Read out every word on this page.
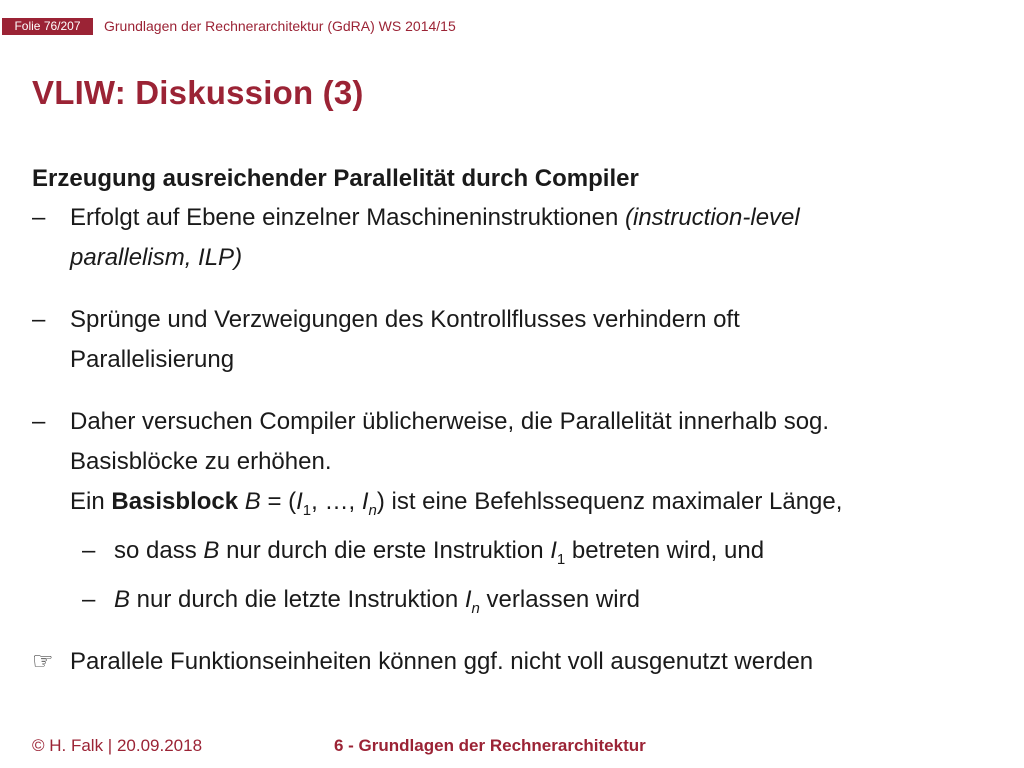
Folie 76/207	Grundlagen der Rechnerarchitektur (GdRA) WS 2014/15
VLIW: Diskussion (3)

Erzeugung ausreichender Parallelität durch Compiler

– Erfolgt auf Ebene einzelner Maschineninstruktionen (instruction-level
parallelism, ILP)
– Sprünge und Verzweigungen des Kontrollflusses verhindern oft
Parallelisierung
– Daher versuchen Compiler üblicherweise, die Parallelität innerhalb sog.
Basisblöcke zu erhöhen.
Ein Basisblock $B = (I_1$, …, $I_n$) ist eine Befehlssequenz maximaler Länge,
– so dass B nur durch die erste Instruktion $I_1$ betreten wird, und
– B nur durch die letzte Instruktion $I_n$ verlassen wird
☞ Parallele Funktionseinheiten können ggf. nicht voll ausgenutzt werden
© H. Falk | 20.09.2018	6 - Grundlagen der Rechnerarchitektur
